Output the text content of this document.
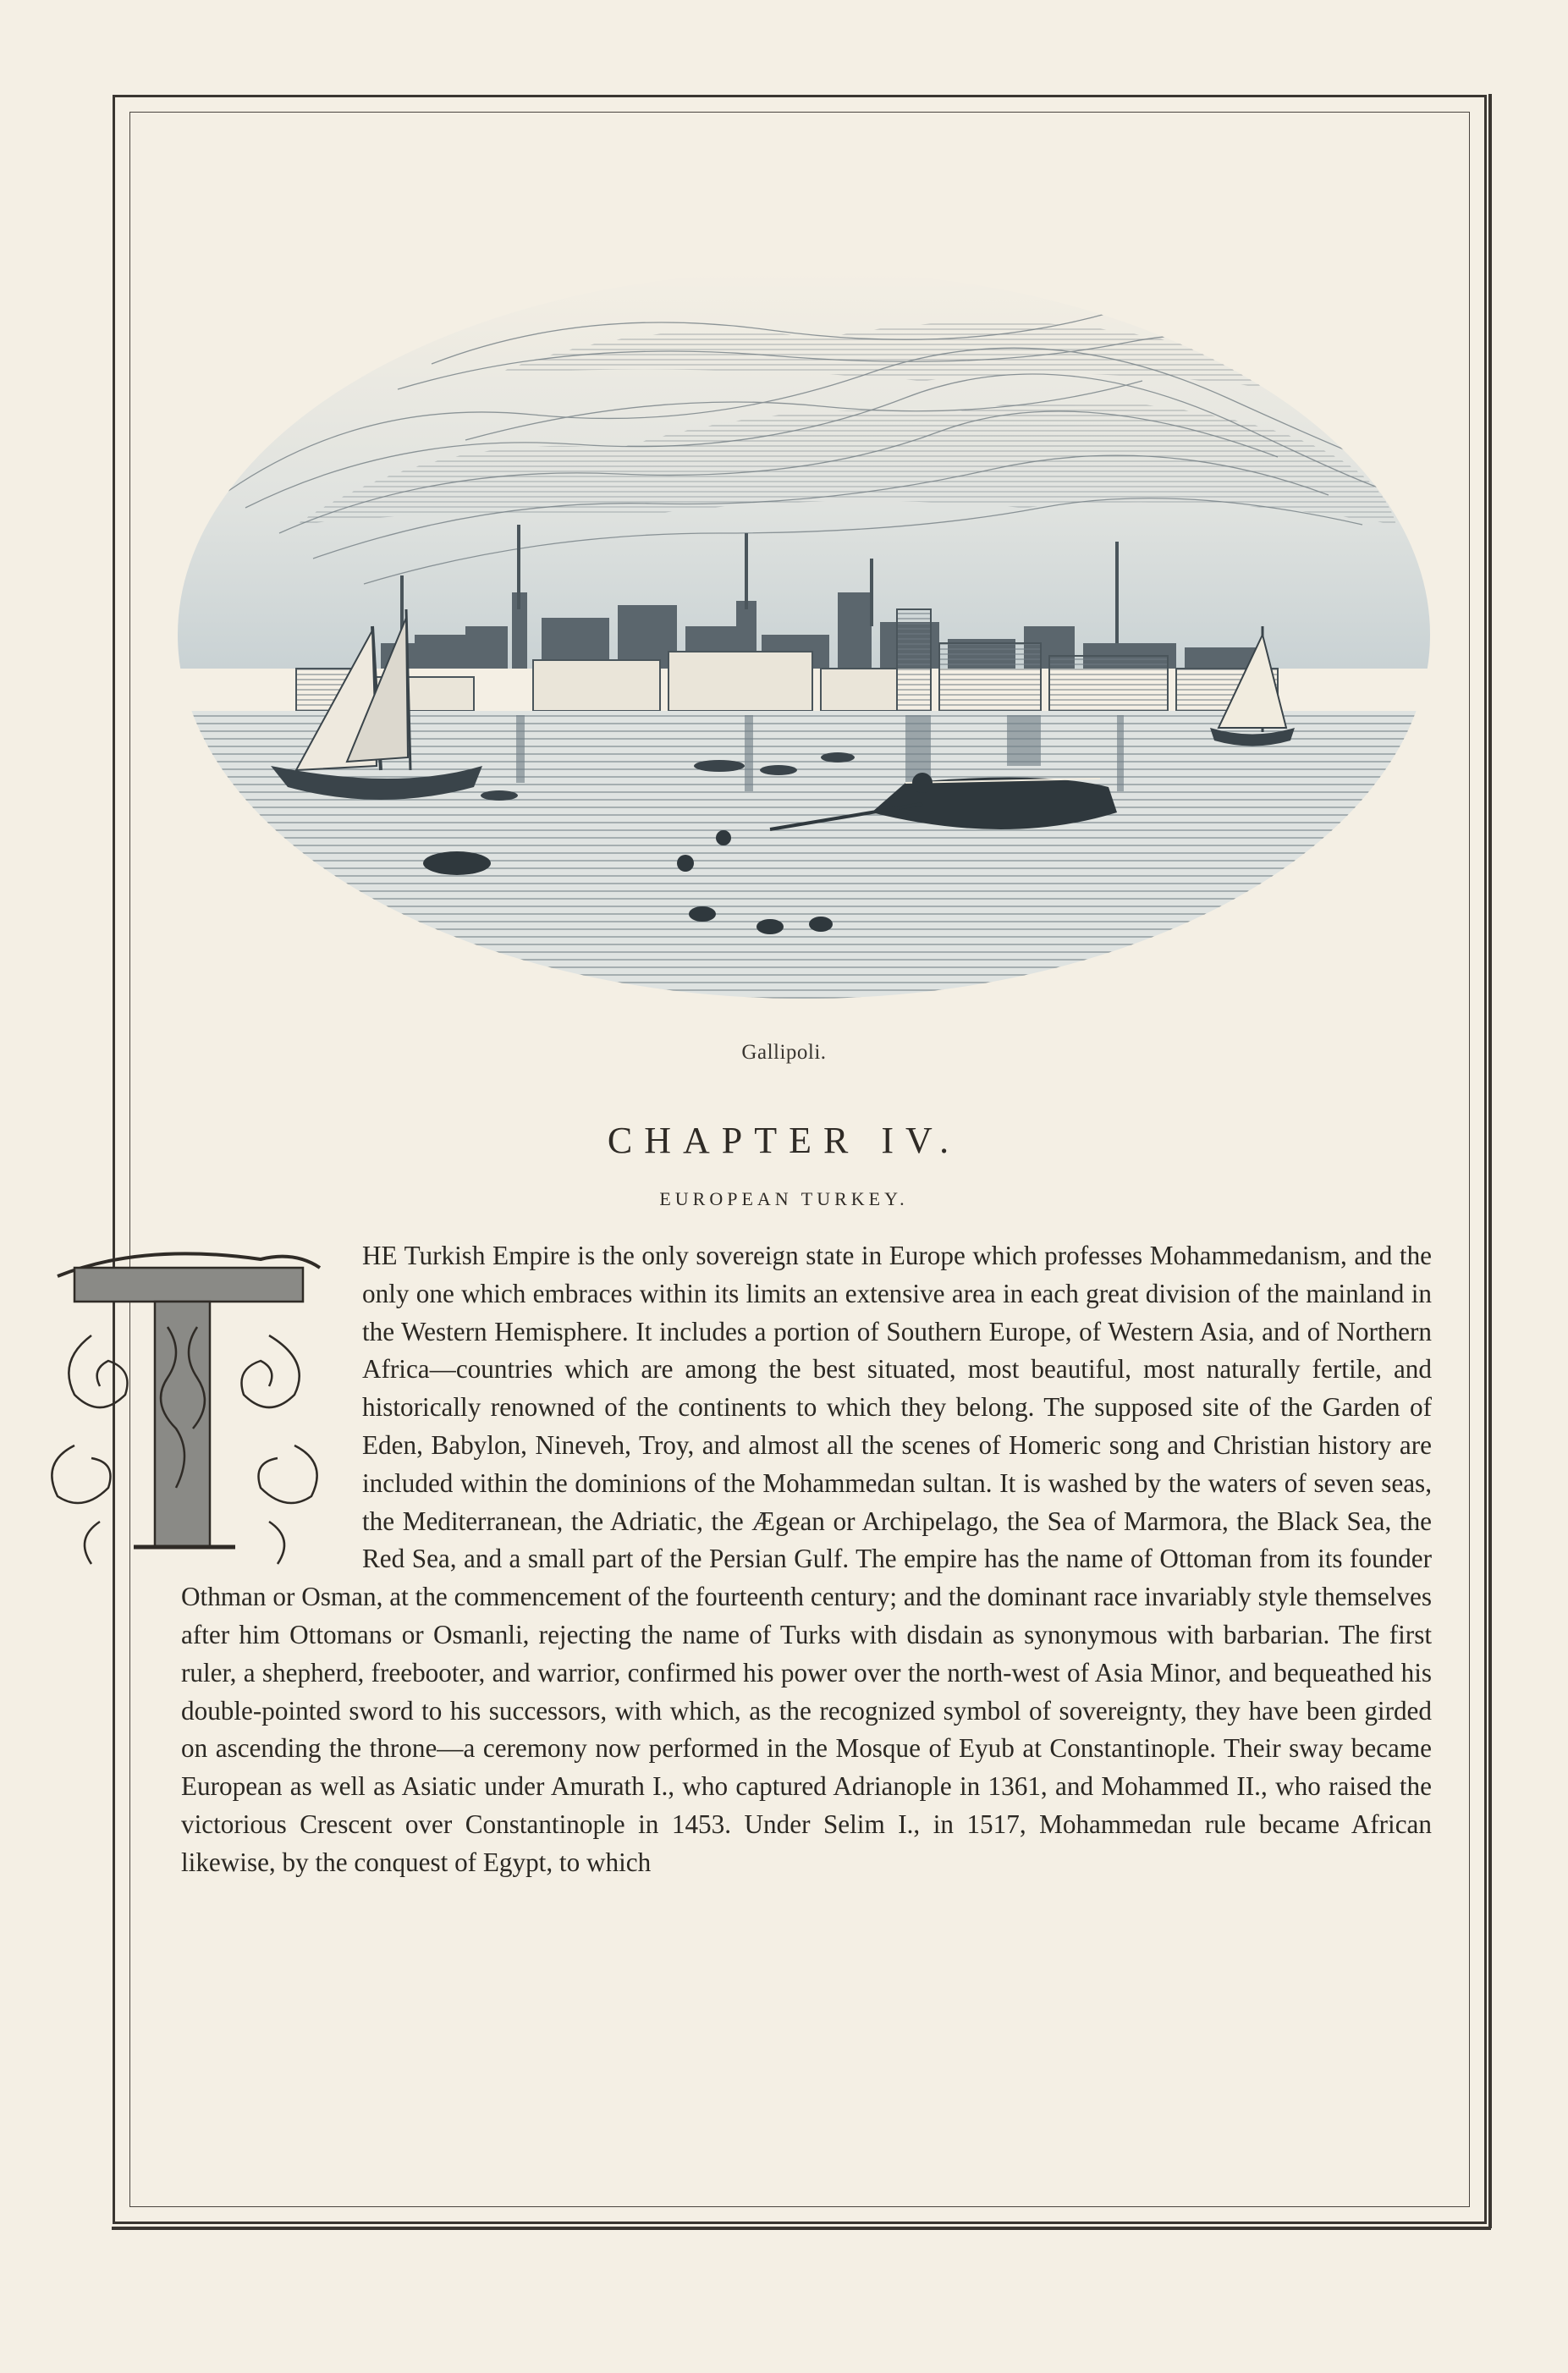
Gallipoli.
CHAPTER IV.
EUROPEAN TURKEY.

HE Turkish Empire is the only sovereign state in Europe which professes Mohammedanism, and the only one which embraces within its limits an extensive area in each great division of the mainland in the Western Hemisphere. It includes a portion of Southern Europe, of Western Asia, and of Northern Africa—countries which are among the best situated, most beautiful, most naturally fertile, and historically renowned of the continents to which they belong. The supposed site of the Garden of Eden, Babylon, Nineveh, Troy, and almost all the scenes of Homeric song and Christian history are included within the dominions of the Mohammedan sultan. It is washed by the waters of seven seas, the Mediterranean, the Adriatic, the Ægean or Archipelago, the Sea of Marmora, the Black Sea, the Red Sea, and a small part of the Persian Gulf. The empire has the name of Ottoman from its founder Othman or Osman, at the commencement of the fourteenth century; and the dominant race invariably style themselves after him Ottomans or Osmanli, rejecting the name of Turks with disdain as synonymous with barbarian. The first ruler, a shepherd, freebooter, and warrior, confirmed his power over the north-west of Asia Minor, and bequeathed his double-pointed sword to his successors, with which, as the recognized symbol of sovereignty, they have been girded on ascending the throne—a ceremony now performed in the Mosque of Eyub at Constantinople. Their sway became European as well as Asiatic under Amurath I., who captured Adrianople in 1361, and Mohammed II., who raised the victorious Crescent over Constantinople in 1453. Under Selim I., in 1517, Mohammedan rule became African likewise, by the conquest of Egypt, to which
